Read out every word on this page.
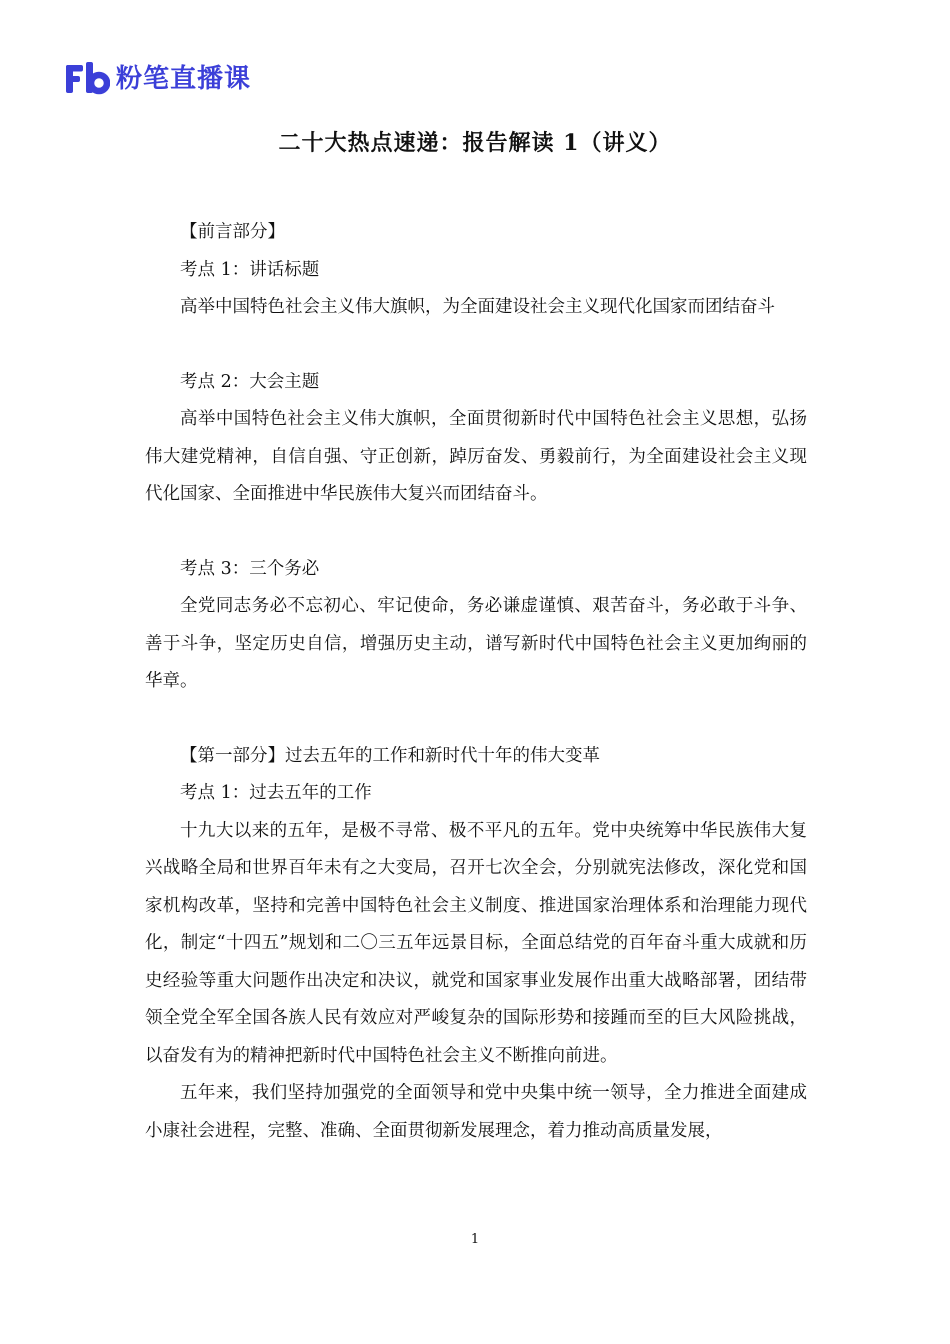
粉笔直播课
二十大热点速递：报告解读 1（讲义）

【前言部分】

考点 1：讲话标题

高举中国特色社会主义伟大旗帜，为全面建设社会主义现代化国家而团结奋斗

考点 2：大会主题

高举中国特色社会主义伟大旗帜，全面贯彻新时代中国特色社会主义思想，弘扬伟大建党精神，自信自强、守正创新，踔厉奋发、勇毅前行，为全面建设社会主义现代化国家、全面推进中华民族伟大复兴而团结奋斗。

考点 3：三个务必

全党同志务必不忘初心、牢记使命，务必谦虚谨慎、艰苦奋斗，务必敢于斗争、善于斗争，坚定历史自信，增强历史主动，谱写新时代中国特色社会主义更加绚丽的华章。

【第一部分】过去五年的工作和新时代十年的伟大变革

考点 1：过去五年的工作

十九大以来的五年，是极不寻常、极不平凡的五年。党中央统筹中华民族伟大复兴战略全局和世界百年未有之大变局，召开七次全会，分别就宪法修改，深化党和国家机构改革，坚持和完善中国特色社会主义制度、推进国家治理体系和治理能力现代化，制定“十四五”规划和二〇三五年远景目标，全面总结党的百年奋斗重大成就和历史经验等重大问题作出决定和决议，就党和国家事业发展作出重大战略部署，团结带领全党全军全国各族人民有效应对严峻复杂的国际形势和接踵而至的巨大风险挑战，以奋发有为的精神把新时代中国特色社会主义不断推向前进。

五年来，我们坚持加强党的全面领导和党中央集中统一领导，全力推进全面建成小康社会进程，完整、准确、全面贯彻新发展理念，着力推动高质量发展，

1
